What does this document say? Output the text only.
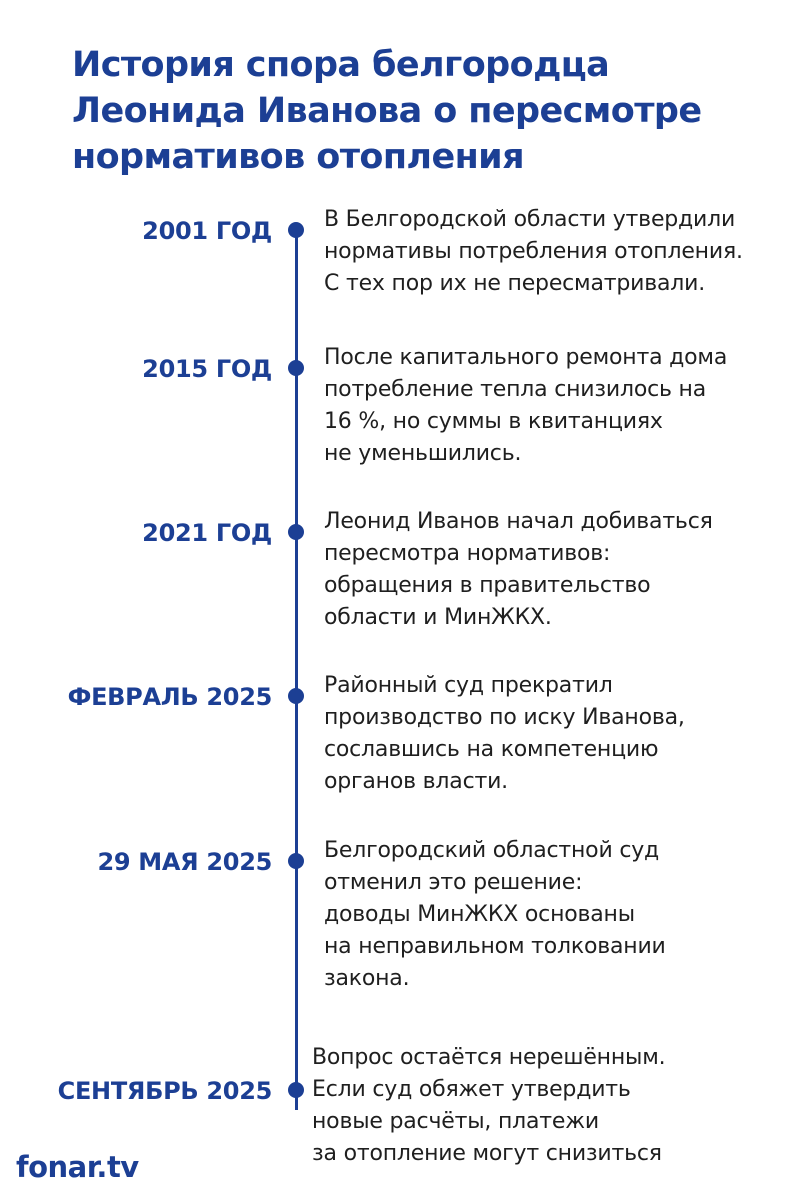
История спора белгородца
Леонида Иванова о пересмотре
нормативов отопления
2001 ГОД В Белгородской области утвердили
нормативы потребления отопления.
С тех пор их не пересматривали.
2015 ГОД После капитального ремонта дома
потребление тепла снизилось на
16 %, но суммы в квитанциях
не уменьшились.
2021 ГОД Леонид Иванов начал добиваться
пересмотра нормативов:
обращения в правительство
области и МинЖКХ.
ФЕВРАЛЬ 2025 Районный суд прекратил
производство по иску Иванова,
сославшись на компетенцию
органов власти.
29 МАЯ 2025 Белгородский областной суд
отменил это решение:
доводы МинЖКХ основаны
на неправильном толковании
закона.
СЕНТЯБРЬ 2025
Вопрос остаётся нерешённым.
Если суд обяжет утвердить
новые расчёты, платежи
за отопление могут снизиться
fonar.tv
